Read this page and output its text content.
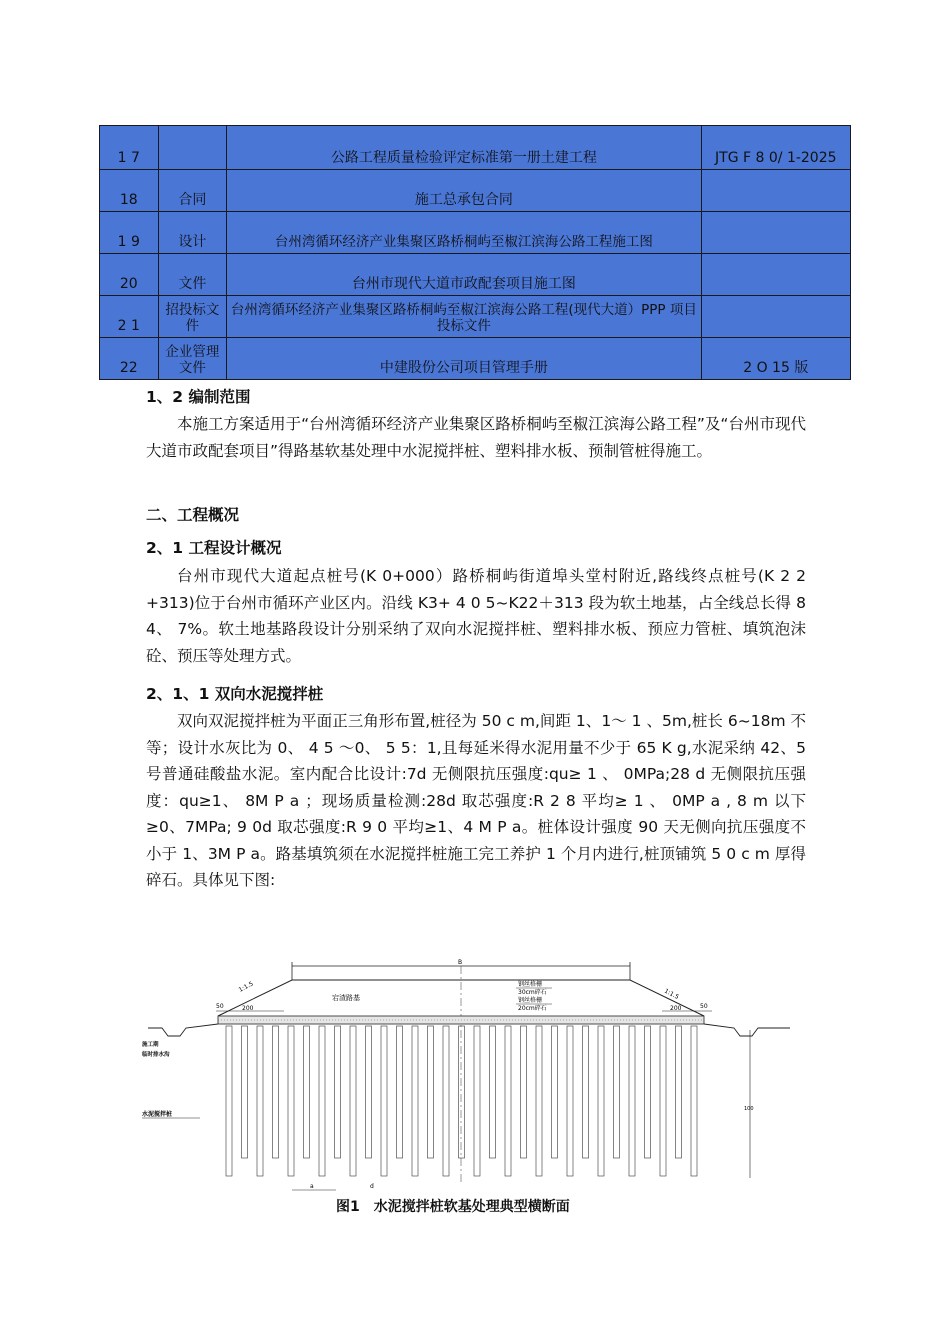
1 7		公路工程质量检验评定标准第一册土建工程	JTG F 8 0/ 1-2025
18	合同	施工总承包合同	
1 9	设计	台州湾循环经济产业集聚区路桥桐屿至椒江滨海公路工程施工图	
20	文件	台州市现代大道市政配套项目施工图	
2 1	招投标文件	台州湾循环经济产业集聚区路桥桐屿至椒江滨海公路工程(现代大道）PPP 项目投标文件	
22	企业管理文件	中建股份公司项目管理手册	2 O 15 版
1、2 编制范围

本施工方案适用于“台州湾循环经济产业集聚区路桥桐屿至椒江滨海公路工程”及“台州市现代大道市政配套项目”得路基软基处理中水泥搅拌桩、塑料排水板、预制管桩得施工。

二、工程概况
2、1 工程设计概况

台州市现代大道起点桩号(K 0+000）路桥桐屿街道埠头堂村附近,路线终点桩号(K 2 2 +313)位于台州市循环产业区内。沿线 K3+ 4 0 5~K22＋313 段为软土地基，占全线总长得 8 4、 7%。软土地基路段设计分别采纳了双向水泥搅拌桩、塑料排水板、预应力管桩、填筑泡沫砼、预压等处理方式。

2、1、1 双向水泥搅拌桩

双向双泥搅拌桩为平面正三角形布置,桩径为 50 c m,间距 1、1～ 1 、5m,桩长 6~18m 不等；设计水灰比为 0、 4 5 ～0、 5 5：1,且每延米得水泥用量不少于 65 K g,水泥采纳 42、5 号普通硅酸盐水泥。室内配合比设计:7d 无侧限抗压强度:qu≥ 1 、 0MPa;28 d 无侧限抗压强度：qu≥1、 8M P a ；现场质量检测:28d 取芯强度:R 2 8 平均≥ 1 、 0MP a , 8 m 以下≥0、7MPa; 9 0d 取芯强度:R 9 0 平均≥1、4 M P a。桩体设计强度 90 天无侧向抗压强度不小于 1、3M P a。路基填筑须在水泥搅拌桩施工完工养护 1 个月内进行,桩顶铺筑 5 0 c m 厚得碎石。具体见下图:

B
1:1.5
1:1.5
宕渣路基
钢丝格栅
30cm碎石
钢丝格栅
20cm碎石
50	200	200	50
施工期
临时排水沟
水泥搅拌桩
100
a	d
图1　水泥搅拌桩软基处理典型横断面
